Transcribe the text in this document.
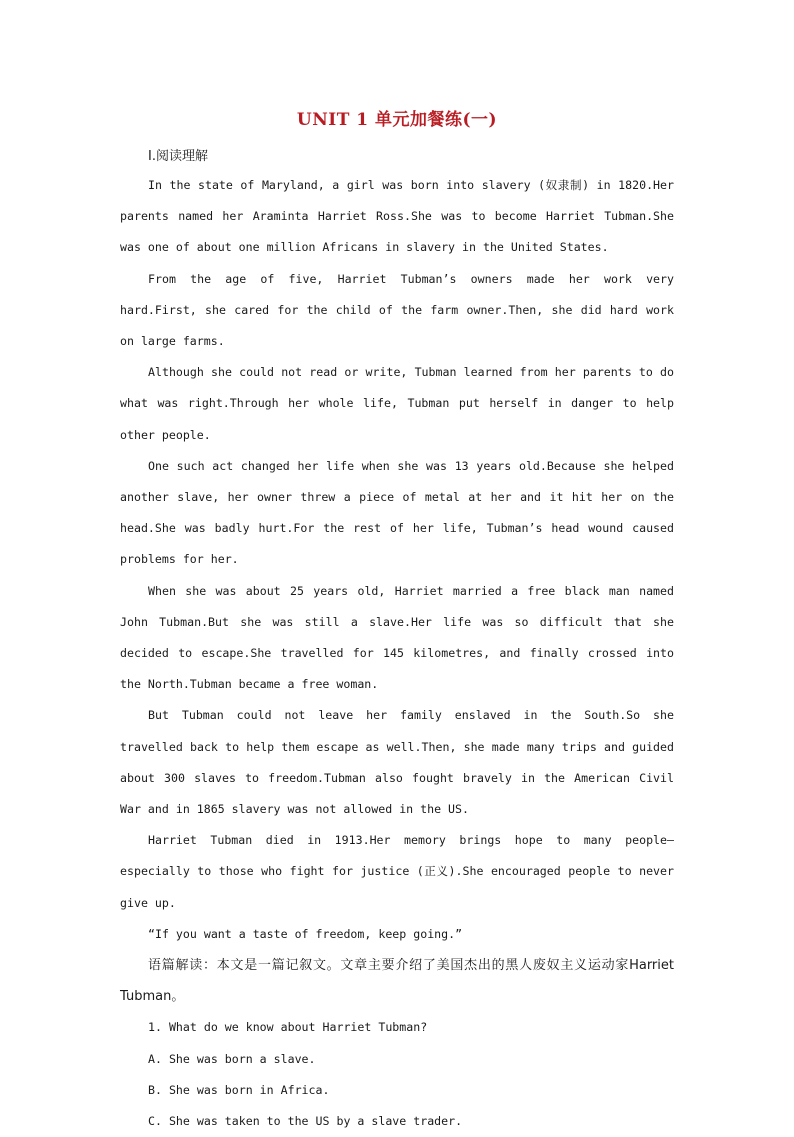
UNIT 1 单元加餐练(一)
Ⅰ.阅读理解

In the state of Maryland, a girl was born into slavery (奴隶制) in 1820.Her parents named her Araminta Harriet Ross.She was to become Harriet Tubman.She was one of about one million Africans in slavery in the United States.

From the age of five, Harriet Tubman’s owners made her work very hard.First, she cared for the child of the farm owner.Then, she did hard work on large farms.

Although she could not read or write, Tubman learned from her parents to do what was right.Through her whole life, Tubman put herself in danger to help other people.

One such act changed her life when she was 13 years old.Because she helped another slave, her owner threw a piece of metal at her and it hit her on the head.She was badly hurt.For the rest of her life, Tubman’s head wound caused problems for her.

When she was about 25 years old, Harriet married a free black man named John Tubman.But she was still a slave.Her life was so difficult that she decided to escape.She travelled for 145 kilometres, and finally crossed into the North.Tubman became a free woman.

But Tubman could not leave her family enslaved in the South.So she travelled back to help them escape as well.Then, she made many trips and guided about 300 slaves to freedom.Tubman also fought bravely in the American Civil War and in 1865 slavery was not allowed in the US.

Harriet Tubman died in 1913.Her memory brings hope to many people—especially to those who fight for justice (正义).She encouraged people to never give up.

“If you want a taste of freedom, keep going.”

语篇解读：本文是一篇记叙文。文章主要介绍了美国杰出的黑人废奴主义运动家Harriet Tubman。

1. What do we know about Harriet Tubman?

A. She was born a slave.

B. She was born in Africa.

C. She was taken to the US by a slave trader.
